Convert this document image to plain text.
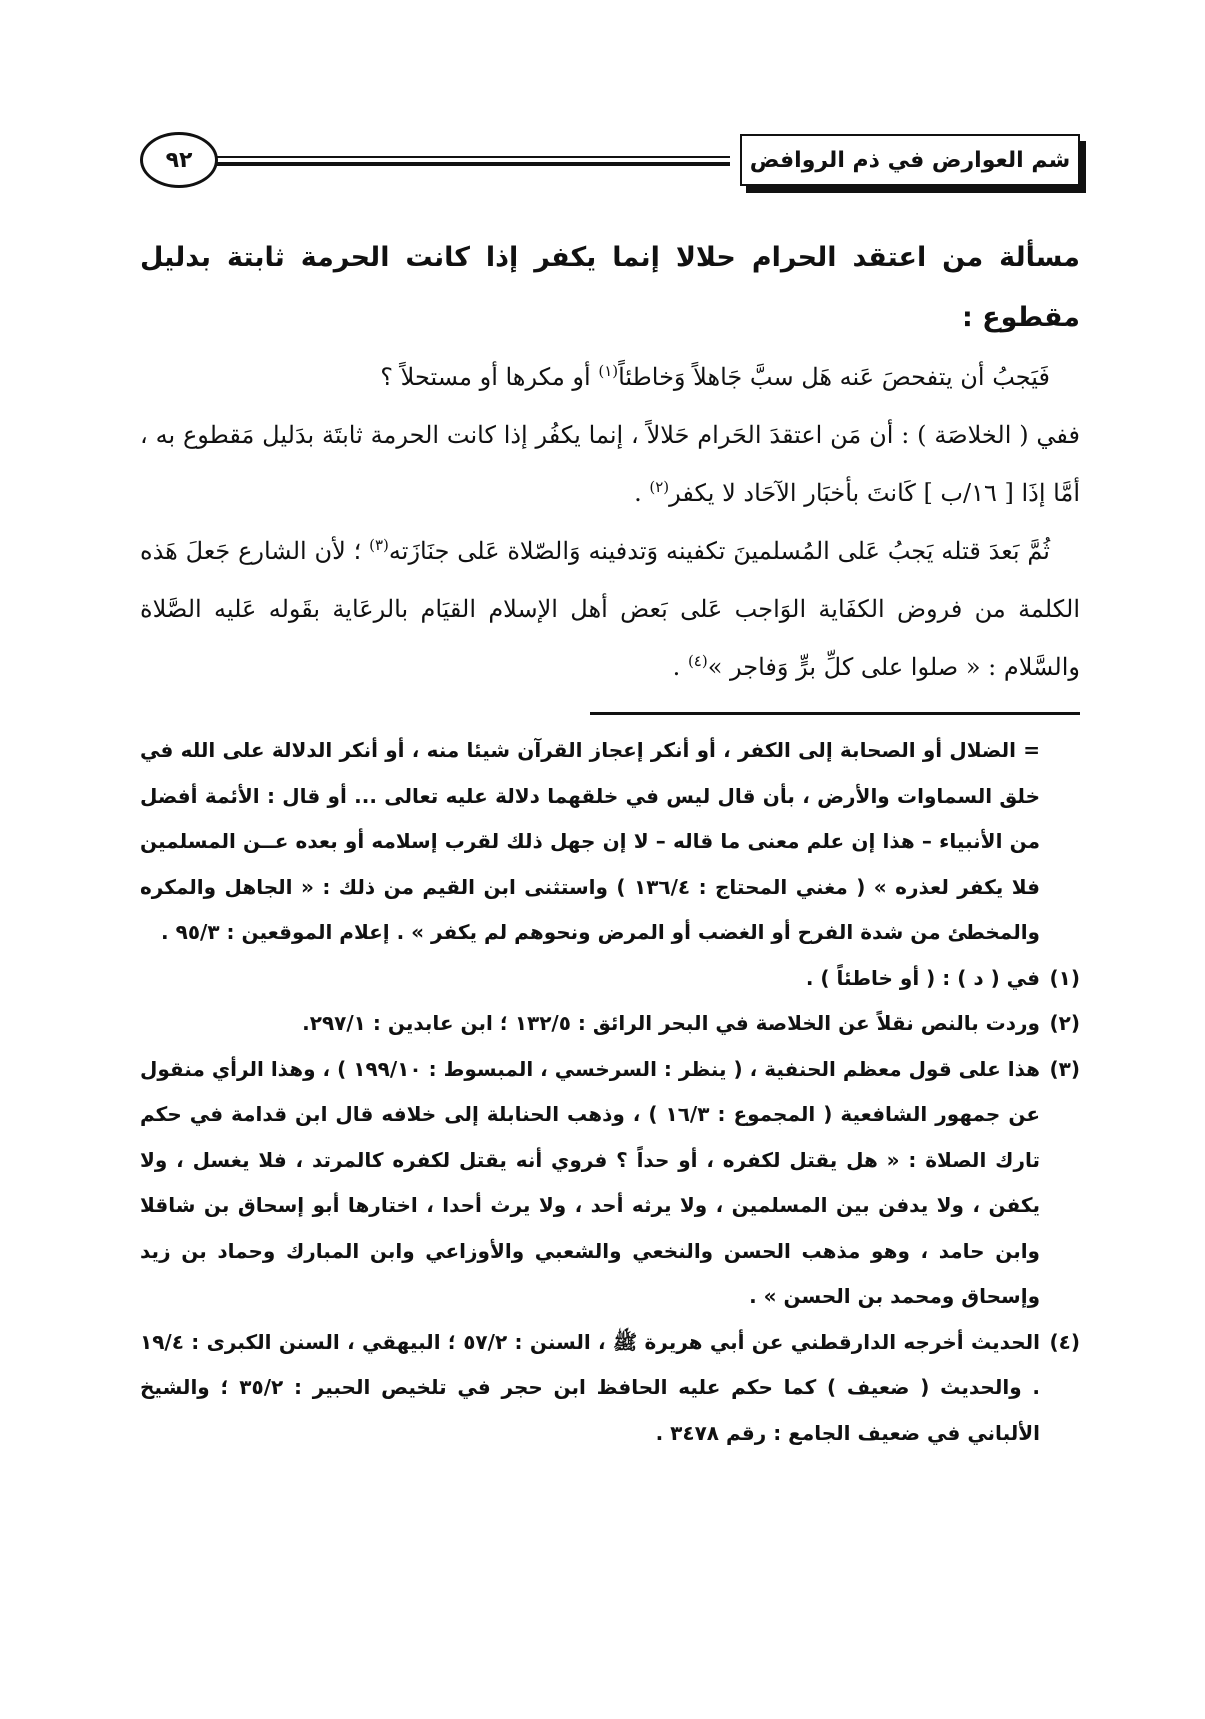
شم العوارض في ذم الروافض
٩٢

مسألة من اعتقد الحرام حلالا إنما يكفر إذا كانت الحرمة ثابتة بدليل مقطوع :

فَيَجبُ أن يتفحصَ عَنه هَل سبَّ جَاهلاً وَخاطئاً$^{(١)}$ أو مكرها أو مستحلاً ؟

ففي ( الخلاصَة ) : أن مَن اعتقدَ الحَرام حَلالاً ، إنما يكفُر إذا كانت الحرمة ثابتَة بدَليل مَقطوع به ، أمَّا إذَا [ ١٦/ب ] كَانتَ بأخبَار الآحَاد لا يكفر$^{(٢)}$ .

ثُمَّ بَعدَ قتله يَجبُ عَلى المُسلمينَ تكفينه وَتدفينه وَالصّلاة عَلى جنَازَته$^{(٣)}$ ؛ لأن الشارع جَعلَ هَذه الكلمة من فروض الكفَاية الوَاجب عَلى بَعض أهل الإسلام القيَام بالرعَاية بقَوله عَليه الصَّلاة والسَّلام : « صلوا على كلِّ برٍّ وَفاجر »$^{(٤)}$ .

= الضلال أو الصحابة إلى الكفر ، أو أنكر إعجاز القرآن شيئا منه ، أو أنكر الدلالة على الله في خلق السماوات والأرض ، بأن قال ليس في خلقهما دلالة عليه تعالى ... أو قال : الأئمة أفضل من الأنبياء – هذا إن علم معنى ما قاله – لا إن جهل ذلك لقرب إسلامه أو بعده عــن المسلمين فلا يكفر لعذره » ( مغني المحتاج : ١٣٦/٤ ) واستثنى ابن القيم من ذلك : « الجاهل والمكره والمخطئ من شدة الفرح أو الغضب أو المرض ونحوهم لم يكفر » . إعلام الموقعين : ٩٥/٣ .

(١)في ( د ) : ( أو خاطئاً ) .

(٢)وردت بالنص نقلاً عن الخلاصة في البحر الرائق : ١٣٢/٥ ؛ ابن عابدين : ٢٩٧/١.

(٣)هذا على قول معظم الحنفية ، ( ينظر : السرخسي ، المبسوط : ١٩٩/١٠ ) ، وهذا الرأي منقول عن جمهور الشافعية ( المجموع : ١٦/٣ ) ، وذهب الحنابلة إلى خلافه قال ابن قدامة في حكم تارك الصلاة : « هل يقتل لكفره ، أو حداً ؟ فروي أنه يقتل لكفره كالمرتد ، فلا يغسل ، ولا يكفن ، ولا يدفن بين المسلمين ، ولا يرثه أحد ، ولا يرث أحدا ، اختارها أبو إسحاق بن شاقلا وابن حامد ، وهو مذهب الحسن والنخعي والشعبي والأوزاعي وابن المبارك وحماد بن زيد وإسحاق ومحمد بن الحسن » .

(٤)الحديث أخرجه الدارقطني عن أبي هريرة ﷺ ، السنن : ٥٧/٢ ؛ البيهقي ، السنن الكبرى : ١٩/٤ . والحديث ( ضعيف ) كما حكم عليه الحافظ ابن حجر في تلخيص الحبير : ٣٥/٢ ؛ والشيخ الألباني في ضعيف الجامع : رقم ٣٤٧٨ .
